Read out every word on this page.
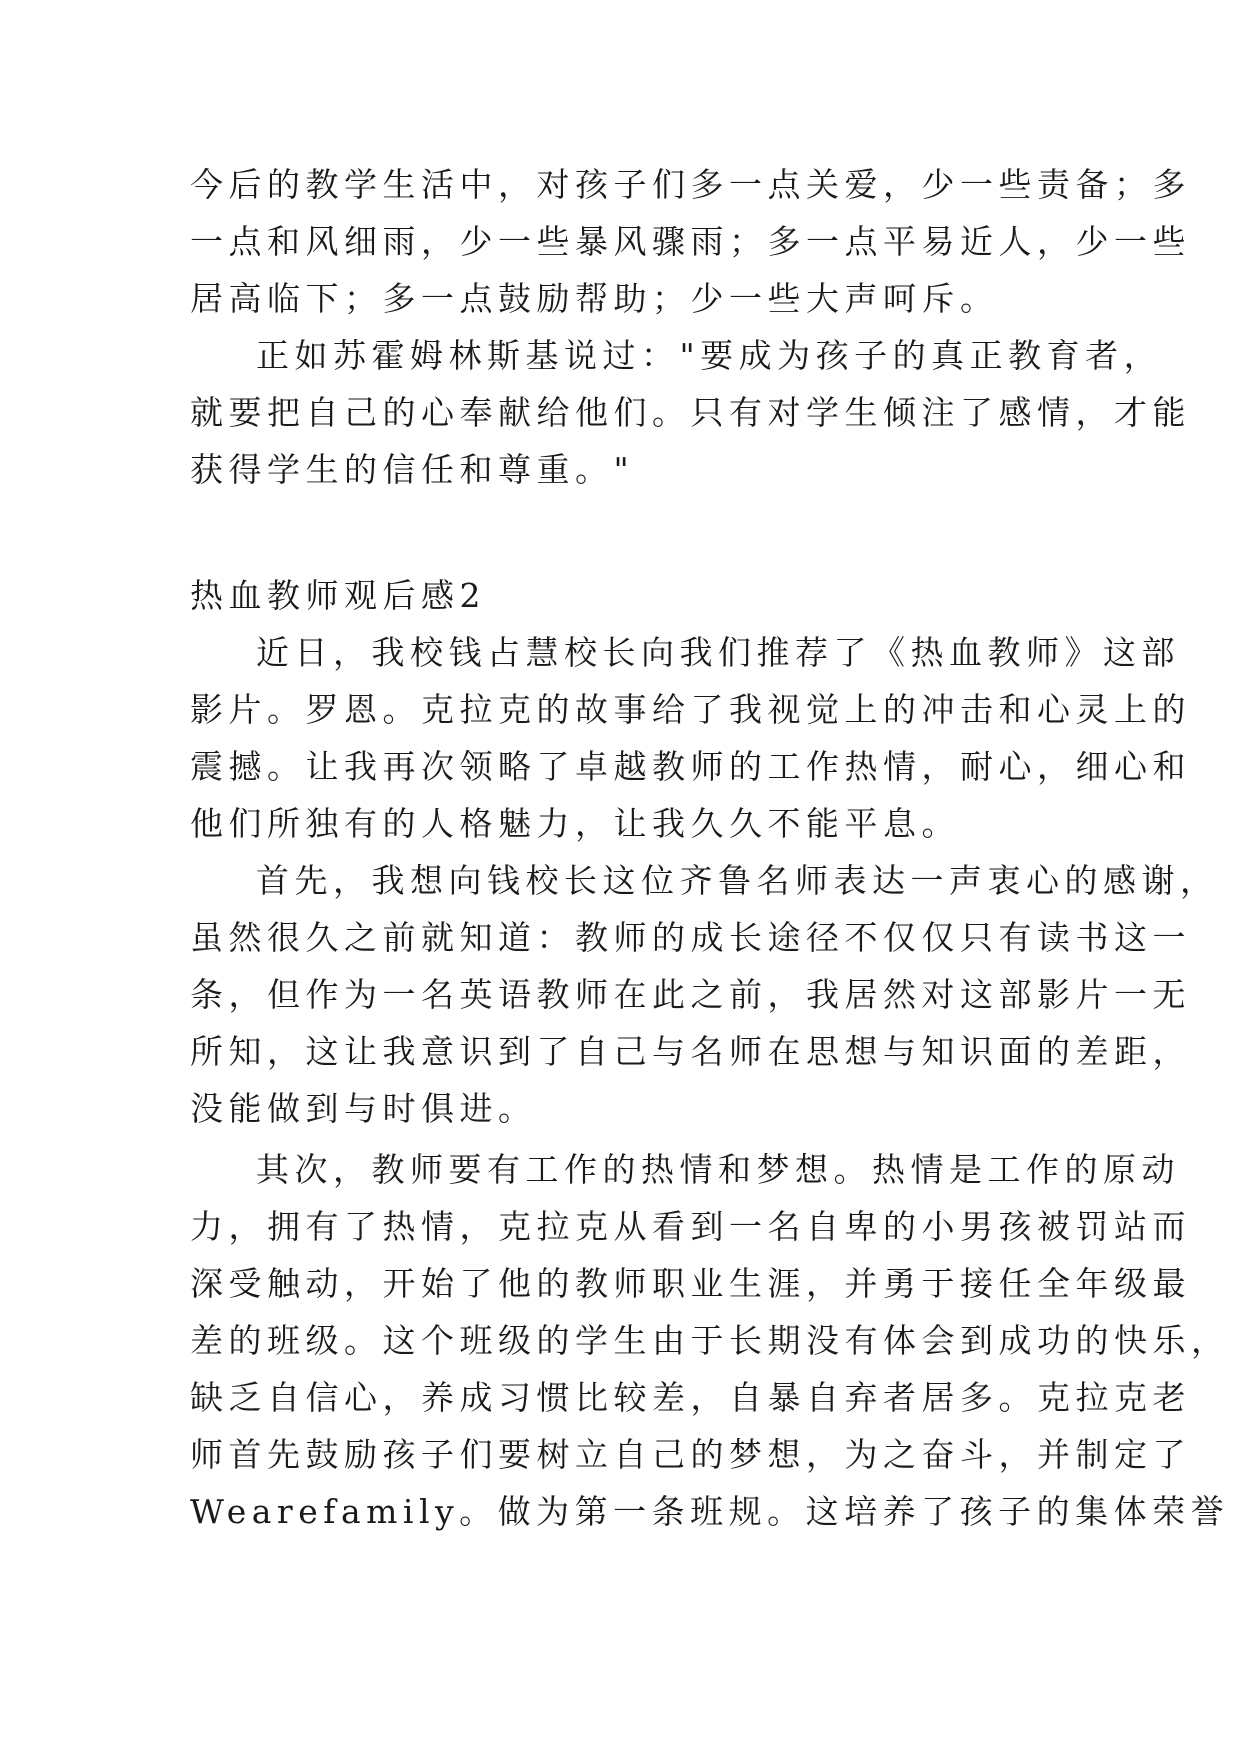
今后的教学生活中，对孩子们多一点关爱，少一些责备；多
一点和风细雨，少一些暴风骤雨；多一点平易近人，少一些
居高临下；多一点鼓励帮助；少一些大声呵斥。
正如苏霍姆林斯基说过："要成为孩子的真正教育者，
就要把自己的心奉献给他们。只有对学生倾注了感情，才能
获得学生的信任和尊重。"
热血教师观后感2
近日，我校钱占慧校长向我们推荐了《热血教师》这部
影片。罗恩。克拉克的故事给了我视觉上的冲击和心灵上的
震撼。让我再次领略了卓越教师的工作热情，耐心，细心和
他们所独有的人格魅力，让我久久不能平息。
首先，我想向钱校长这位齐鲁名师表达一声衷心的感谢，
虽然很久之前就知道：教师的成长途径不仅仅只有读书这一
条，但作为一名英语教师在此之前，我居然对这部影片一无
所知，这让我意识到了自己与名师在思想与知识面的差距，
没能做到与时俱进。
其次，教师要有工作的热情和梦想。热情是工作的原动
力，拥有了热情，克拉克从看到一名自卑的小男孩被罚站而
深受触动，开始了他的教师职业生涯，并勇于接任全年级最
差的班级。这个班级的学生由于长期没有体会到成功的快乐，
缺乏自信心，养成习惯比较差，自暴自弃者居多。克拉克老
师首先鼓励孩子们要树立自己的梦想，为之奋斗，并制定了
Wearefamily。做为第一条班规。这培养了孩子的集体荣誉
